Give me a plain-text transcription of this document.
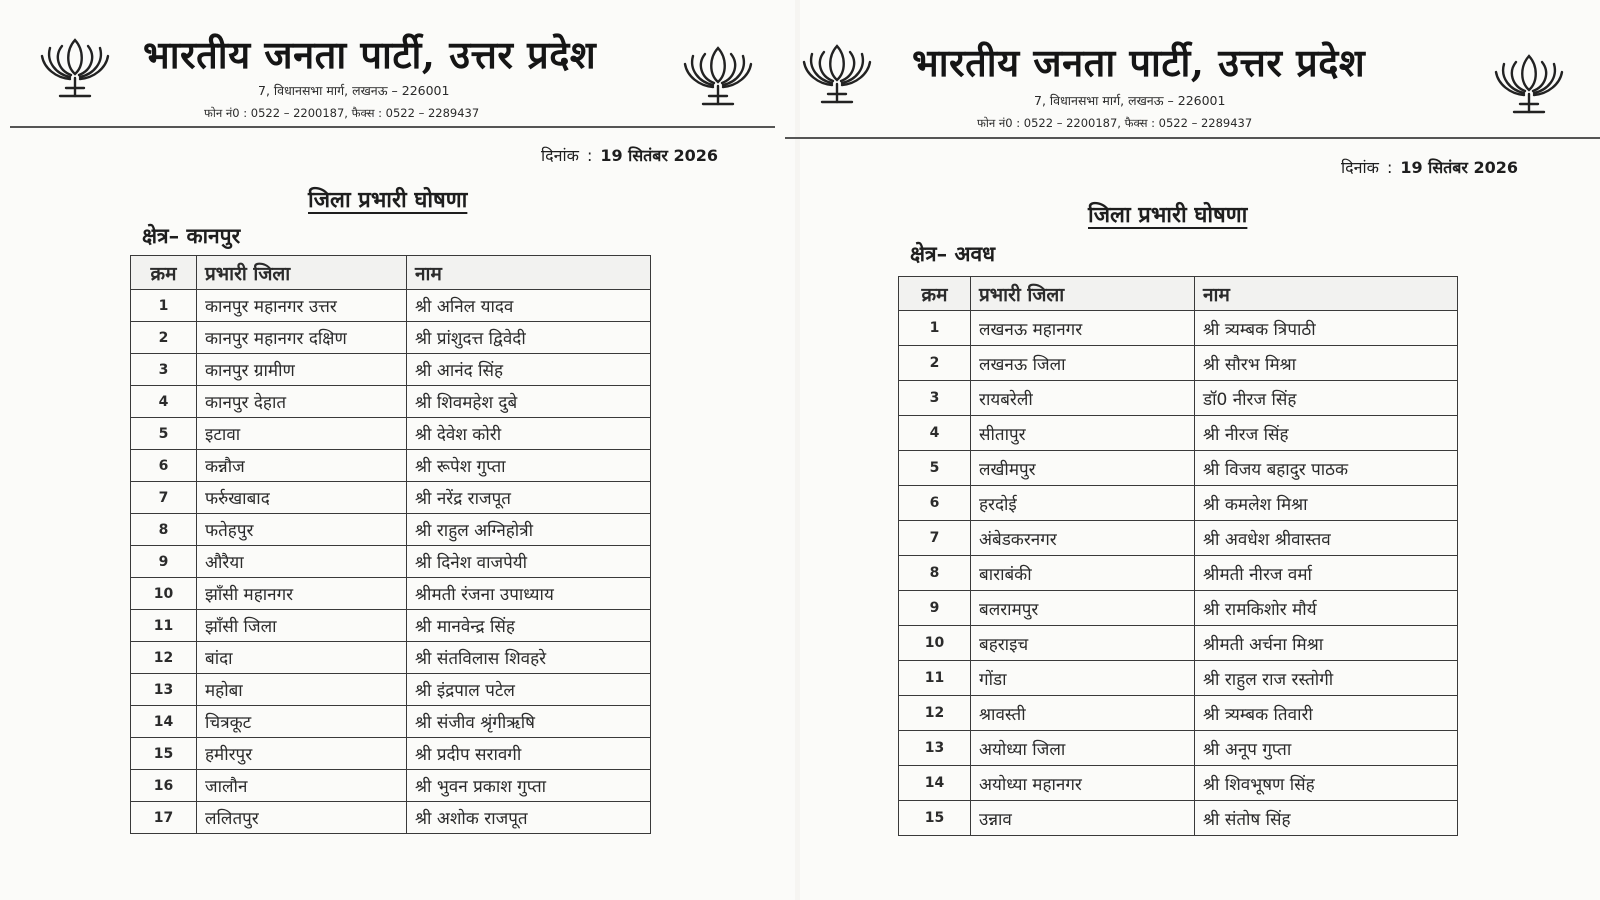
भारतीय जनता पार्टी, उत्तर प्रदेश
7, विधानसभा मार्ग, लखनऊ – 226001
फोन नं0 : 0522 – 2200187, फैक्स : 0522 – 2289437
दिनांक : 19 सितंबर 2026
जिला प्रभारी घोषणा
क्षेत्र– कानपुर
क्रम	प्रभारी जिला	नाम
1	कानपुर महानगर उत्तर	श्री अनिल यादव
2	कानपुर महानगर दक्षिण	श्री प्रांशुदत्त द्विवेदी
3	कानपुर ग्रामीण	श्री आनंद सिंह
4	कानपुर देहात	श्री शिवमहेश दुबे
5	इटावा	श्री देवेश कोरी
6	कन्नौज	श्री रूपेश गुप्ता
7	फर्रुखाबाद	श्री नरेंद्र राजपूत
8	फतेहपुर	श्री राहुल अग्निहोत्री
9	औरैया	श्री दिनेश वाजपेयी
10	झाँसी महानगर	श्रीमती रंजना उपाध्याय
11	झाँसी जिला	श्री मानवेन्द्र सिंह
12	बांदा	श्री संतविलास शिवहरे
13	महोबा	श्री इंद्रपाल पटेल
14	चित्रकूट	श्री संजीव श्रृंगीऋषि
15	हमीरपुर	श्री प्रदीप सरावगी
16	जालौन	श्री भुवन प्रकाश गुप्ता
17	ललितपुर	श्री अशोक राजपूत
भारतीय जनता पार्टी, उत्तर प्रदेश
7, विधानसभा मार्ग, लखनऊ – 226001
फोन नं0 : 0522 – 2200187, फैक्स : 0522 – 2289437
दिनांक : 19 सितंबर 2026
जिला प्रभारी घोषणा
क्षेत्र– अवध
क्रम	प्रभारी जिला	नाम
1	लखनऊ महानगर	श्री त्र्यम्बक त्रिपाठी
2	लखनऊ जिला	श्री सौरभ मिश्रा
3	रायबरेली	डॉ0 नीरज सिंह
4	सीतापुर	श्री नीरज सिंह
5	लखीमपुर	श्री विजय बहादुर पाठक
6	हरदोई	श्री कमलेश मिश्रा
7	अंबेडकरनगर	श्री अवधेश श्रीवास्तव
8	बाराबंकी	श्रीमती नीरज वर्मा
9	बलरामपुर	श्री रामकिशोर मौर्य
10	बहराइच	श्रीमती अर्चना मिश्रा
11	गोंडा	श्री राहुल राज रस्तोगी
12	श्रावस्ती	श्री त्र्यम्बक तिवारी
13	अयोध्या जिला	श्री अनूप गुप्ता
14	अयोध्या महानगर	श्री शिवभूषण सिंह
15	उन्नाव	श्री संतोष सिंह
